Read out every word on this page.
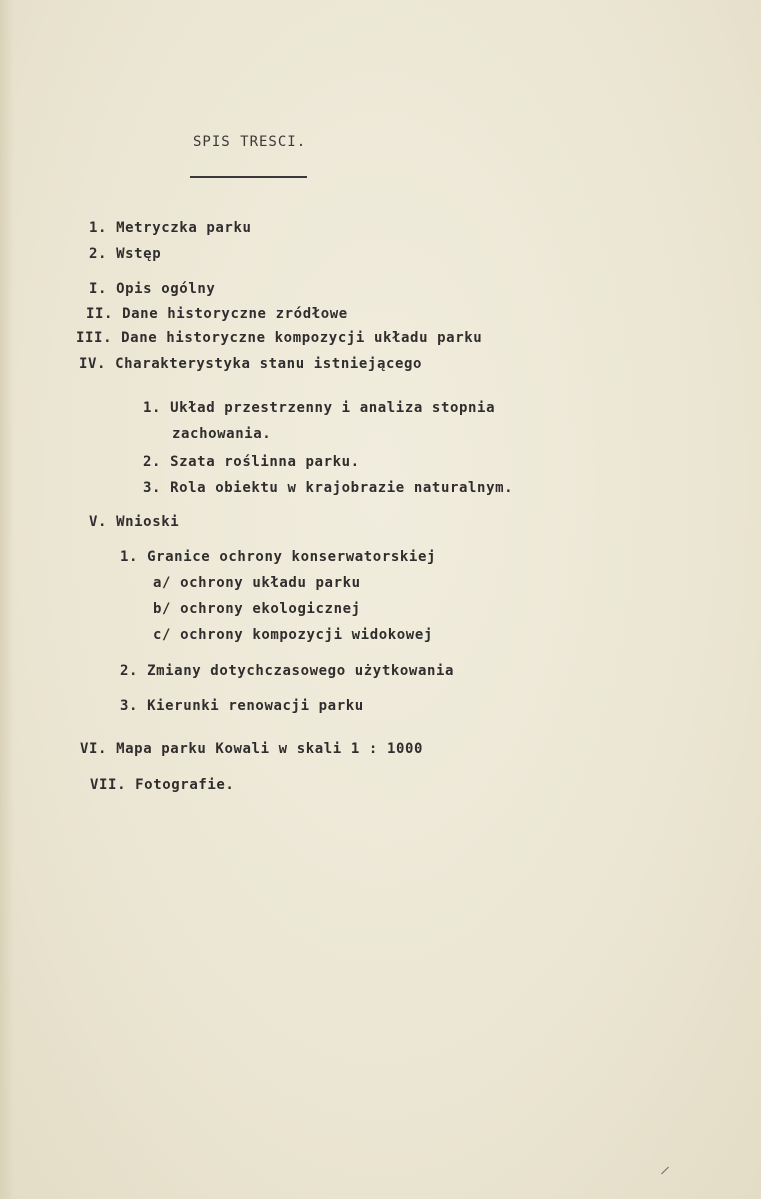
SPIS TRESCI.
1. Metryczka parku
2. Wstęp
I. Opis ogólny
II. Dane historyczne zródłowe
III. Dane historyczne kompozycji układu parku
IV. Charakterystyka stanu istniejącego
1. Układ przestrzenny i analiza stopnia
zachowania.
2. Szata roślinna parku.
3. Rola obiektu w krajobrazie naturalnym.
V. Wnioski
1. Granice ochrony konserwatorskiej
a/ ochrony układu parku
b/ ochrony ekologicznej
c/ ochrony kompozycji widokowej
2. Zmiany dotychczasowego użytkowania
3. Kierunki renowacji parku
VI. Mapa parku Kowali w skali 1 : 1000
VII. Fotografie.
